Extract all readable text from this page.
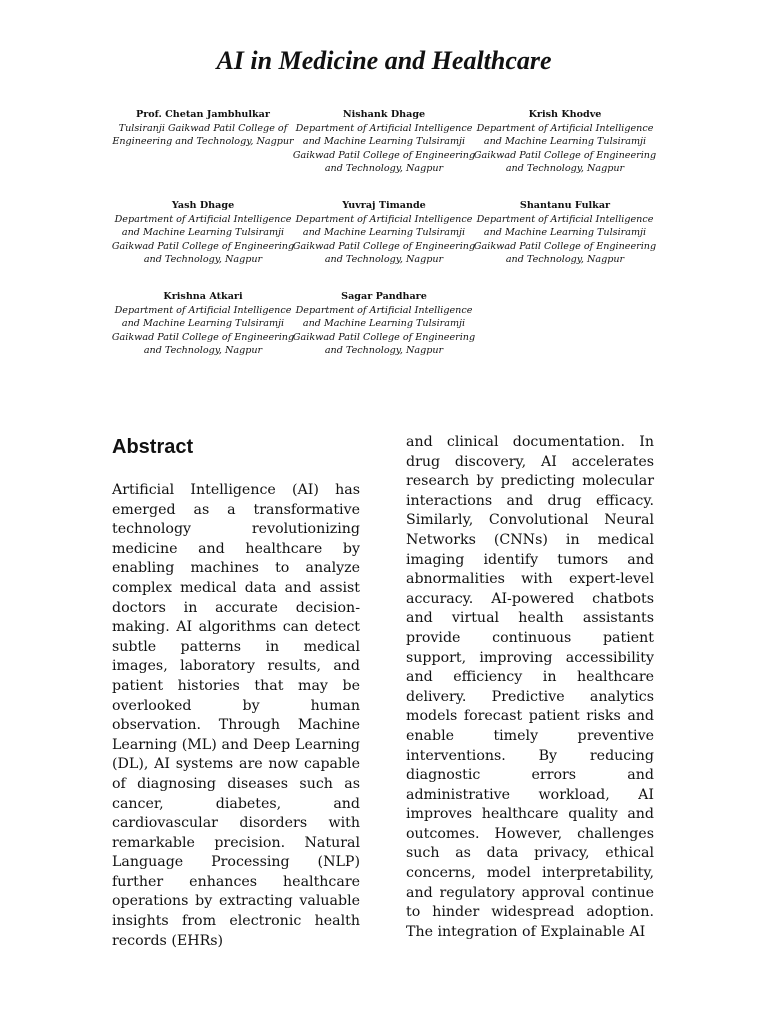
AI in Medicine and Healthcare
Prof. Chetan Jambhulkar
Tulsiranji Gaikwad Patil College of Engineering and Technology, Nagpur
Nishank Dhage
Department of Artificial Intelligence and Machine Learning Tulsiramji Gaikwad Patil College of Engineering and Technology, Nagpur
Krish Khodve
Department of Artificial Intelligence and Machine Learning Tulsiramji Gaikwad Patil College of Engineering and Technology, Nagpur
Yash Dhage
Department of Artificial Intelligence and Machine Learning Tulsiramji Gaikwad Patil College of Engineering and Technology, Nagpur
Yuvraj Timande
Department of Artificial Intelligence and Machine Learning Tulsiramji Gaikwad Patil College of Engineering and Technology, Nagpur
Shantanu Fulkar
Department of Artificial Intelligence and Machine Learning Tulsiramji Gaikwad Patil College of Engineering and Technology, Nagpur
Krishna Atkari
Department of Artificial Intelligence and Machine Learning Tulsiramji Gaikwad Patil College of Engineering and Technology, Nagpur
Sagar Pandhare
Department of Artificial Intelligence and Machine Learning Tulsiramji Gaikwad Patil College of Engineering and Technology, Nagpur
Abstract

Artificial Intelligence (AI) has emerged as a transformative technology revolutionizing medicine and healthcare by enabling machines to analyze complex medical data and assist doctors in accurate decision-making. AI algorithms can detect subtle patterns in medical images, laboratory results, and patient histories that may be overlooked by human observation. Through Machine Learning (ML) and Deep Learning (DL), AI systems are now capable of diagnosing diseases such as cancer, diabetes, and cardiovascular disorders with remarkable precision. Natural Language Processing (NLP) further enhances healthcare operations by extracting valuable insights from electronic health records (EHRs)

and clinical documentation. In drug discovery, AI accelerates research by predicting molecular interactions and drug efficacy. Similarly, Convolutional Neural Networks (CNNs) in medical imaging identify tumors and abnormalities with expert-level accuracy. AI-powered chatbots and virtual health assistants provide continuous patient support, improving accessibility and efficiency in healthcare delivery. Predictive analytics models forecast patient risks and enable timely preventive interventions. By reducing diagnostic errors and administrative workload, AI improves healthcare quality and outcomes. However, challenges such as data privacy, ethical concerns, model interpretability, and regulatory approval continue to hinder widespread adoption. The integration of Explainable AI
